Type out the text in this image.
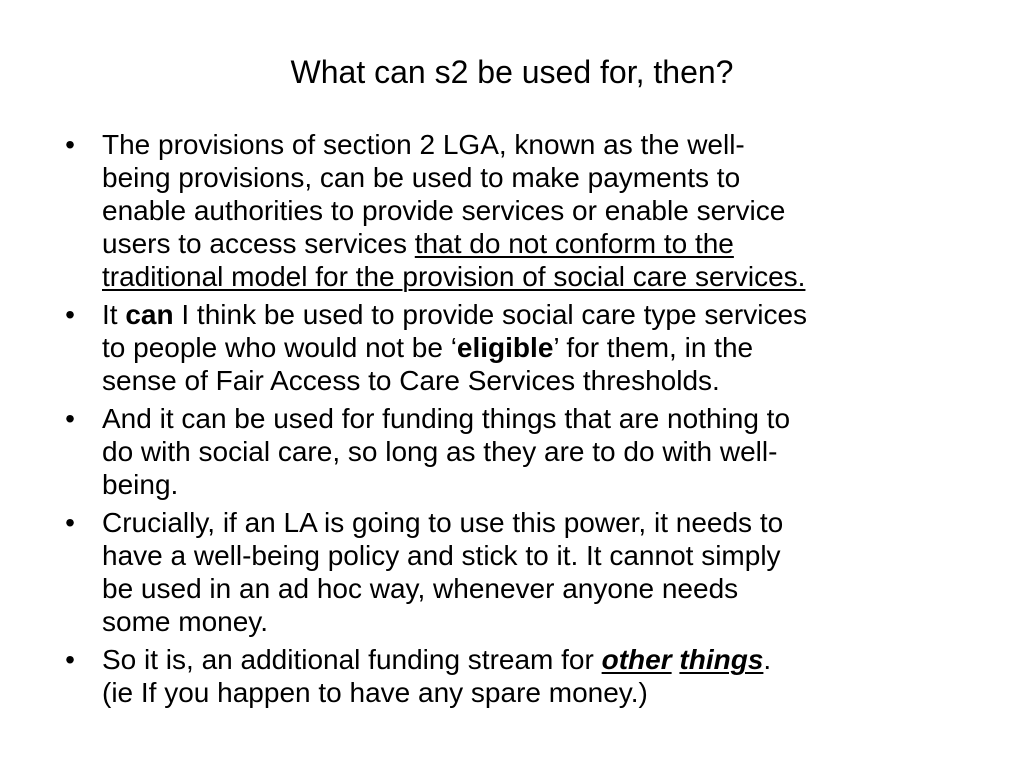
What can s2 be used for, then?
• The provisions of section 2 LGA, known as the well-
being provisions, can be used to make payments to
enable authorities to provide services or enable service
users to access services that do not conform to the
traditional model for the provision of social care services.
• It can I think be used to provide social care type services
to people who would not be ‘eligible’ for them, in the
sense of Fair Access to Care Services thresholds.
• And it can be used for funding things that are nothing to
do with social care, so long as they are to do with well-
being.
• Crucially, if an LA is going to use this power, it needs to
have a well-being policy and stick to it. It cannot simply
be used in an ad hoc way, whenever anyone needs
some money.
• So it is, an additional funding stream for other things.
(ie If you happen to have any spare money.)
